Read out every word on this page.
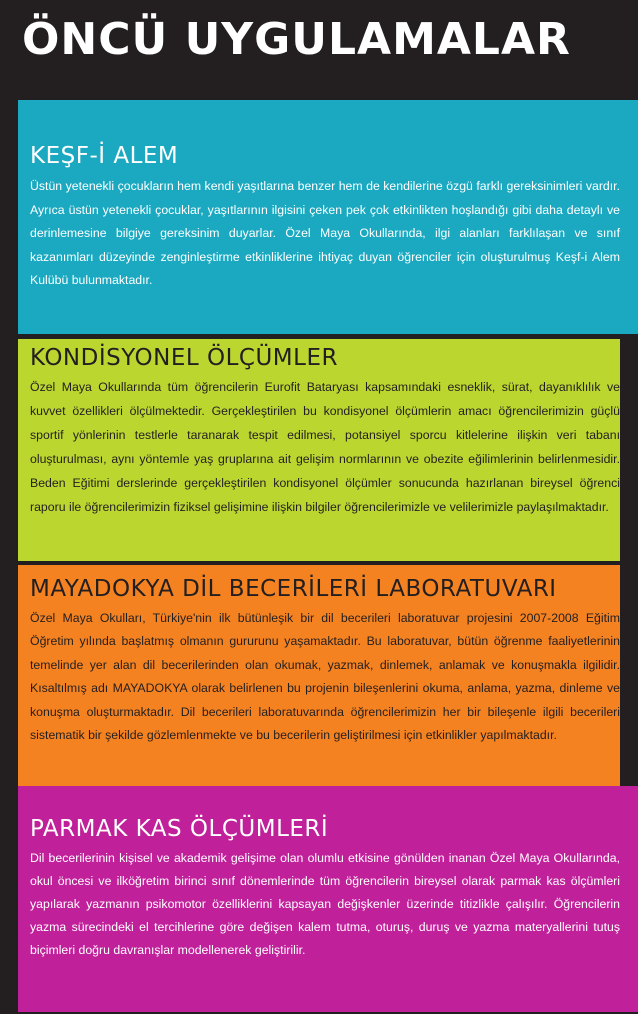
ÖNCÜ UYGULAMALAR
KEŞF-İ ALEM

Üstün yetenekli çocukların hem kendi yaşıtlarına benzer hem de kendilerine özgü farklı gereksinimleri vardır. Ayrıca üstün yetenekli çocuklar, yaşıtlarının ilgisini çeken pek çok etkinlikten hoşlandığı gibi daha detaylı ve derinlemesine bilgiye gereksinim duyarlar. Özel Maya Okullarında, ilgi alanları farklılaşan ve sınıf kazanımları düzeyinde zenginleştirme etkinliklerine ihtiyaç duyan öğrenciler için oluşturulmuş Keşf-i Alem Kulübü bulunmaktadır.

KONDİSYONEL ÖLÇÜMLER

Özel Maya Okullarında tüm öğrencilerin Eurofit Bataryası kapsamındaki esneklik, sürat, dayanıklılık ve kuvvet özellikleri ölçülmektedir. Gerçekleştirilen bu kondisyonel ölçümlerin amacı öğrencilerimizin güçlü sportif yönlerinin testlerle taranarak tespit edilmesi, potansiyel sporcu kitlelerine ilişkin veri tabanı oluşturulması, aynı yöntemle yaş gruplarına ait gelişim normlarının ve obezite eğilimlerinin belirlenmesidir. Beden Eğitimi derslerinde gerçekleştirilen kondisyonel ölçümler sonucunda hazırlanan bireysel öğrenci raporu ile öğrencilerimizin fiziksel gelişimine ilişkin bilgiler öğrencilerimizle ve velilerimizle paylaşılmaktadır.

MAYADOKYA DİL BECERİLERİ LABORATUVARI

Özel Maya Okulları, Türkiye'nin ilk bütünleşik bir dil becerileri laboratuvar projesini 2007-2008 Eğitim Öğretim yılında başlatmış olmanın gururunu yaşamaktadır. Bu laboratuvar, bütün öğrenme faaliyetlerinin temelinde yer alan dil becerilerinden olan okumak, yazmak, dinlemek, anlamak ve konuşmakla ilgilidir. Kısaltılmış adı MAYADOKYA olarak belirlenen bu projenin bileşenlerini okuma, anlama, yazma, dinleme ve konuşma oluşturmaktadır. Dil becerileri laboratuvarında öğrencilerimizin her bir bileşenle ilgili becerileri sistematik bir şekilde gözlemlenmekte ve bu becerilerin geliştirilmesi için etkinlikler yapılmaktadır.

PARMAK KAS ÖLÇÜMLERİ

Dil becerilerinin kişisel ve akademik gelişime olan olumlu etkisine gönülden inanan Özel Maya Okullarında, okul öncesi ve ilköğretim birinci sınıf dönemlerinde tüm öğrencilerin bireysel olarak parmak kas ölçümleri yapılarak yazmanın psikomotor özelliklerini kapsayan değişkenler üzerinde titizlikle çalışılır. Öğrencilerin yazma sürecindeki el tercihlerine göre değişen kalem tutma, oturuş, duruş ve yazma materyallerini tutuş biçimleri doğru davranışlar modellenerek geliştirilir.
